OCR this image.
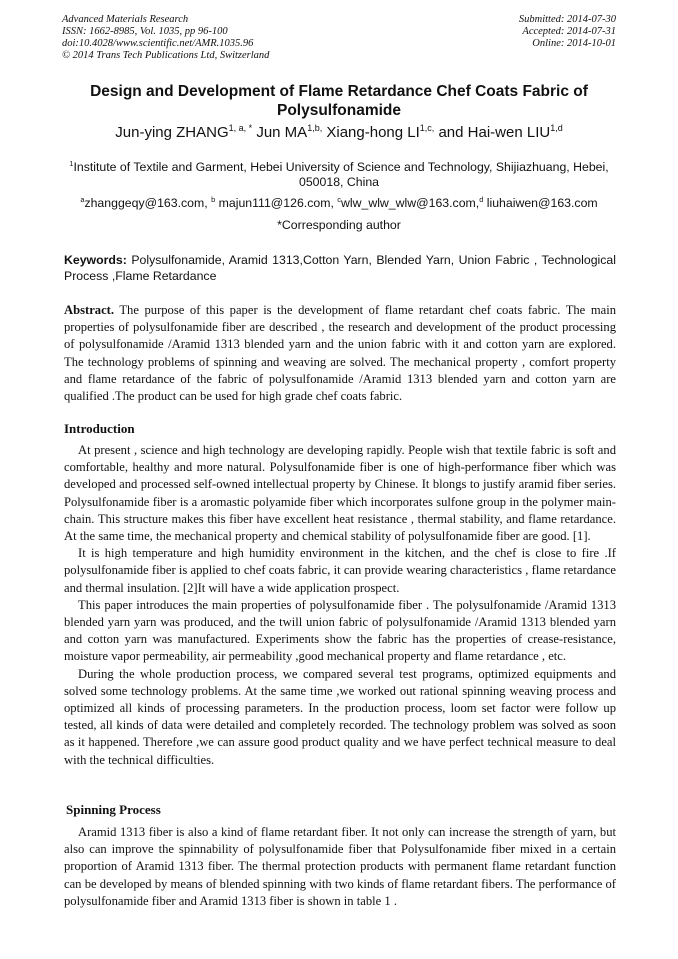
Advanced Materials Research
ISSN: 1662-8985, Vol. 1035, pp 96-100
doi:10.4028/www.scientific.net/AMR.1035.96
© 2014 Trans Tech Publications Ltd, Switzerland
Submitted: 2014-07-30
Accepted: 2014-07-31
Online: 2014-10-01
Design and Development of Flame Retardance Chef Coats Fabric of Polysulfonamide
Jun-ying $ZHANG^{1, a, *}$ Jun $MA^{1,b,}$ Xiang-hong $LI^{1,c,}$ and Hai-wen LIU$^{1,d}$
$^1$Institute of Textile and Garment, Hebei University of Science and Technology, Shijiazhuang, Hebei, 050018, China
$^a$zhanggeqy@163.com, $^b$ majun111@126.com, $^c$wlw_wlw_wlw@163.com,$^d$ liuhaiwen@163.com
*Corresponding author
Keywords: Polysulfonamide, Aramid 1313,Cotton Yarn, Blended Yarn, Union Fabric , Technological Process ,Flame Retardance
Abstract. The purpose of this paper is the development of flame retardant chef coats fabric. The main properties of polysulfonamide fiber are described , the research and development of the product processing of polysulfonamide /Aramid 1313 blended yarn and the union fabric with it and cotton yarn are explored. The technology problems of spinning and weaving are solved. The mechanical property , comfort property and flame retardance of the fabric of polysulfonamide /Aramid 1313 blended yarn and cotton yarn are qualified .The product can be used for high grade chef coats fabric.
Introduction

At present , science and high technology are developing rapidly. People wish that textile fabric is soft and comfortable, healthy and more natural. Polysulfonamide fiber is one of high-performance fiber which was developed and processed self-owned intellectual property by Chinese. It blongs to justify aramid fiber series. Polysulfonamide fiber is a aromastic polyamide fiber which incorporates sulfone group in the polymer main-chain. This structure makes this fiber have excellent heat resistance , thermal stability, and flame retardance. At the same time, the mechanical property and chemical stability of polysulfonamide fiber are good. [1].

It is high temperature and high humidity environment in the kitchen, and the chef is close to fire .If polysulfonamide fiber is applied to chef coats fabric, it can provide wearing characteristics , flame retardance and thermal insulation. [2]It will have a wide application prospect.

This paper introduces the main properties of polysulfonamide fiber . The polysulfonamide /Aramid 1313 blended yarn yarn was produced, and the twill union fabric of polysulfonamide /Aramid 1313 blended yarn and cotton yarn was manufactured. Experiments show the fabric has the properties of crease-resistance, moisture vapor permeability, air permeability ,good mechanical property and flame retardance , etc.

During the whole production process, we compared several test programs, optimized equipments and solved some technology problems. At the same time ,we worked out rational spinning weaving process and optimized all kinds of processing parameters. In the production process, loom set factor were follow up tested, all kinds of data were detailed and completely recorded. The technology problem was solved as soon as it happened. Therefore ,we can assure good product quality and we have perfect technical measure to deal with the technical difficulties.

Spinning Process

Aramid 1313 fiber is also a kind of flame retardant fiber. It not only can increase the strength of yarn, but also can improve the spinnability of polysulfonamide fiber that Polysulfonamide fiber mixed in a certain proportion of Aramid 1313 fiber. The thermal protection products with permanent flame retardant function can be developed by means of blended spinning with two kinds of flame retardant fibers. The performance of polysulfonamide fiber and Aramid 1313 fiber is shown in table 1 .
